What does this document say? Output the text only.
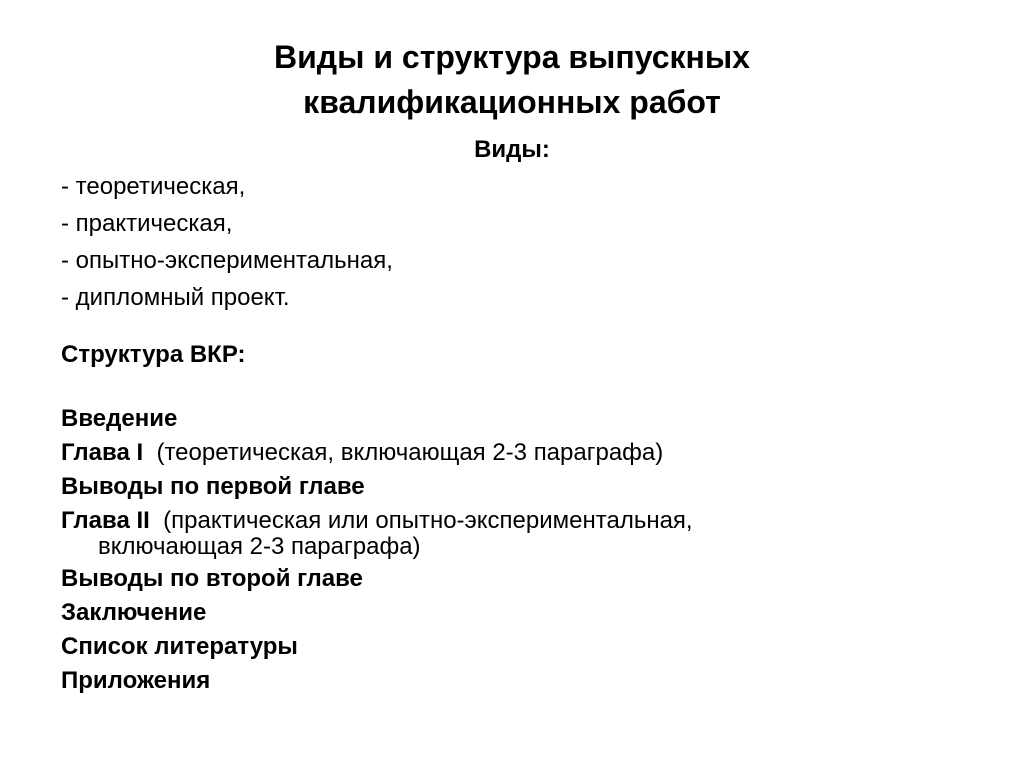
Виды и структура выпускных
квалификационных работ
Виды:
- теоретическая,
- практическая,
- опытно-экспериментальная,
- дипломный проект.
Структура ВКР:
Введение
Глава I  (теоретическая, включающая 2-3 параграфа)
Выводы по первой главе
Глава II  (практическая или опытно-экспериментальная,
включающая 2-3 параграфа)
Выводы по второй главе
Заключение
Список литературы
Приложения
